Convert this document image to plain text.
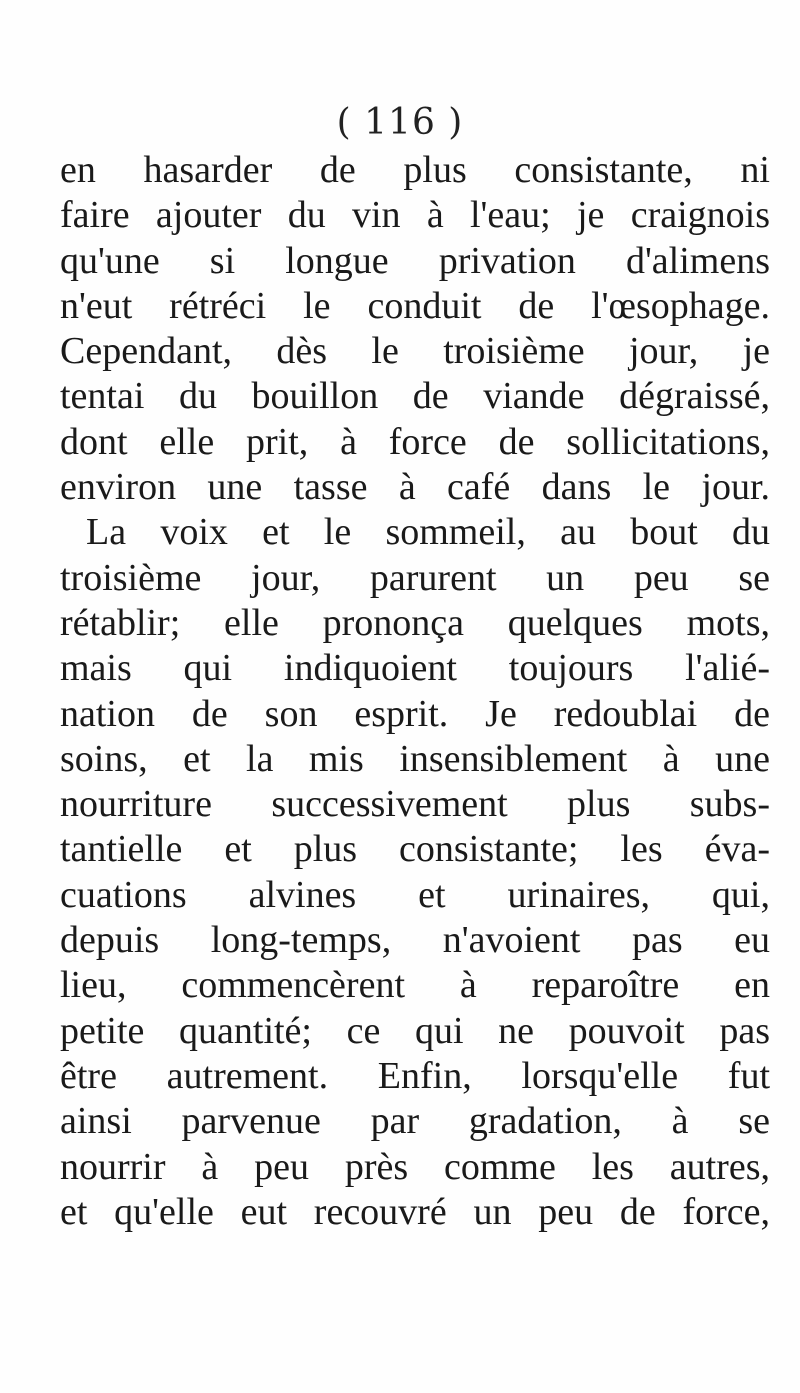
( 116 )
en hasarder de plus consistante, ni
faire ajouter du vin à l'eau; je craignois
qu'une si longue privation d'alimens
n'eut rétréci le conduit de l'œsophage.
Cependant, dès le troisième jour, je
tentai du bouillon de viande dégraissé,
dont elle prit, à force de sollicitations,
environ une tasse à café dans le jour.
La voix et le sommeil, au bout du
troisième jour, parurent un peu se
rétablir; elle prononça quelques mots,
mais qui indiquoient toujours l'alié-
nation de son esprit. Je redoublai de
soins, et la mis insensiblement à une
nourriture successivement plus subs-
tantielle et plus consistante; les éva-
cuations alvines et urinaires, qui,
depuis long-temps, n'avoient pas eu
lieu, commencèrent à reparoître en
petite quantité; ce qui ne pouvoit pas
être autrement. Enfin, lorsqu'elle fut
ainsi parvenue par gradation, à se
nourrir à peu près comme les autres,
et qu'elle eut recouvré un peu de force,
